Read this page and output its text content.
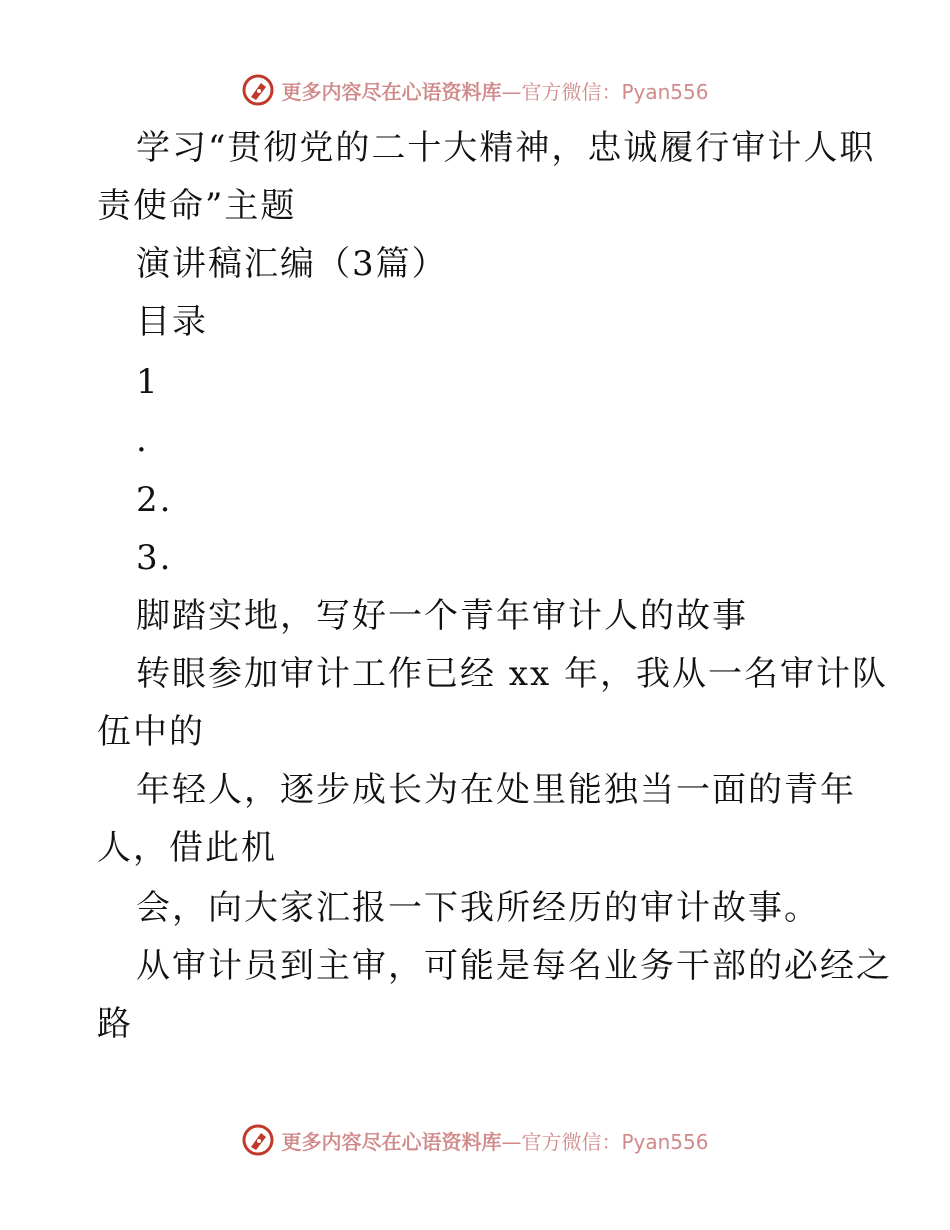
更多内容尽在心语资料库 —官方微信：Pyan556
学习“贯彻党的二十大精神，忠诚履行审计人职
责使命”主题
演讲稿汇编（3篇）
目录
1
.
2.
3.
脚踏实地，写好一个青年审计人的故事
转眼参加审计工作已经 xx 年，我从一名审计队
伍中的
年轻人，逐步成长为在处里能独当一面的青年
人，借此机
会，向大家汇报一下我所经历的审计故事。
从审计员到主审，可能是每名业务干部的必经之
路
更多内容尽在心语资料库 —官方微信：Pyan556
